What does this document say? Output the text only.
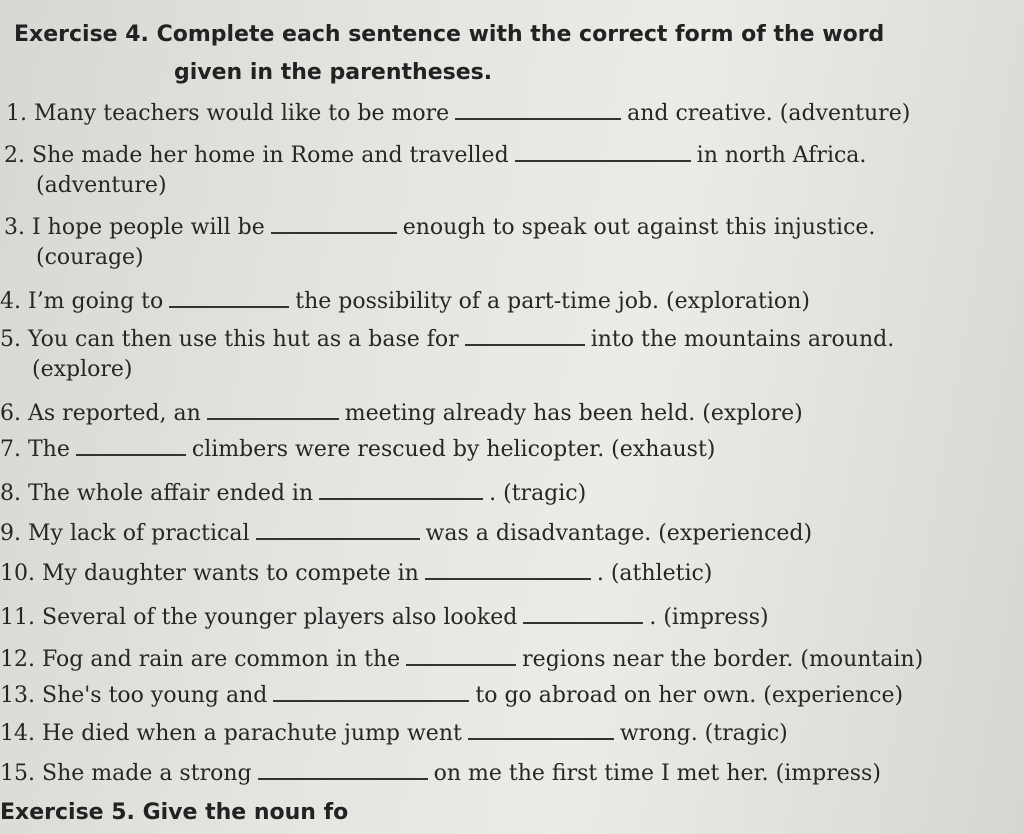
Exercise 4. Complete each sentence with the correct form of the word
given in the parentheses.
1. Many teachers would like to be more	and creative. (adventure)
2. She made her home in Rome and travelled	in north Africa.
(adventure)
3. I hope people will be	enough to speak out against this injustice.
(courage)
4. I’m going to	the possibility of a part-time job. (exploration)
5. You can then use this hut as a base for	into the mountains around.
(explore)
6. As reported, an	meeting already has been held. (explore)
7. The	climbers were rescued by helicopter. (exhaust)
8. The whole affair ended in	. (tragic)
9. My lack of practical	was a disadvantage. (experienced)
10. My daughter wants to compete in	. (athletic)
11. Several of the younger players also looked	. (impress)
12. Fog and rain are common in the	regions near the border. (mountain)
13. She's too young and	to go abroad on her own. (experience)
14. He died when a parachute jump went	wrong. (tragic)
15. She made a strong	on me the first time I met her. (impress)
Exercise 5. Give the noun fo
